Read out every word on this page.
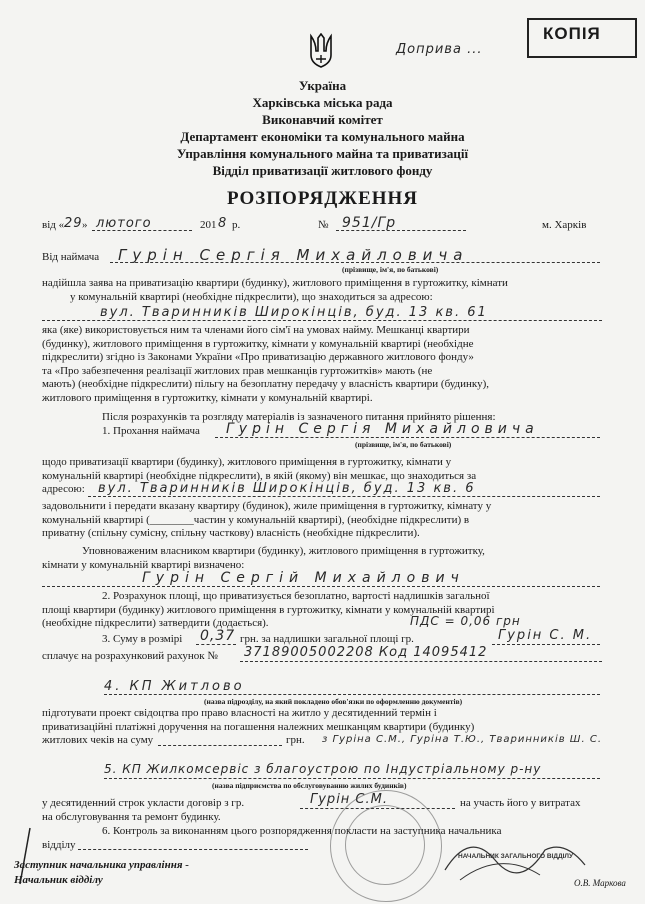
КОПІЯ
Доприва ...
Україна
Харківська міська рада
Виконавчий комітет
Департамент економіки та комунального майна
Управління комунального майна та приватизації
Відділ приватизації житлового фонду
РОЗПОРЯДЖЕННЯ
від « 29 » лютого	201 8 р.	№ 951/Гр	м. Харків
Від наймача Гурін Сергія Михайловича
(прізвище, ім'я, по батькові)
надійшла заява на приватизацію квартири (будинку), житлового приміщення в гуртожитку, кімнати
у комунальній квартирі (необхідне підкреслити), що знаходиться за адресою:
вул. Тваринників Широкінців, буд. 13 кв. 61
яка (яке) використовується ним та членами його сім'ї на умовах найму. Мешканці квартири
(будинку), житлового приміщення в гуртожитку, кімнати у комунальній квартирі (необхідне
підкреслити) згідно із Законами України «Про приватизацію державного житлового фонду»
та «Про забезпечення реалізації житлових прав мешканців гуртожитків» мають (не
мають) (необхідне підкреслити) пільгу на безоплатну передачу у власність квартири (будинку),
житлового приміщення в гуртожитку, кімнати у комунальній квартирі.
Після розрахунків та розгляду матеріалів із зазначеного питання прийнято рішення:
1. Прохання наймача Гурін Сергія Михайловича
(прізвище, ім'я, по батькові)
щодо приватизації квартири (будинку), житлового приміщення в гуртожитку, кімнати у
комунальній квартирі (необхідне підкреслити), в якій (якому) він мешкає, що знаходиться за
адресою:	вул. Тваринників Широкінців, буд. 13 кв. 6
задовольнити і передати вказану квартиру (будинок), жиле приміщення в гуртожитку, кімнату у
комунальній квартирі (________частин у комунальній квартирі), (необхідне підкреслити) в
приватну (спільну сумісну, спільну часткову) власність (необхідне підкреслити).
Уповноваженим власником квартири (будинку), житлового приміщення в гуртожитку,
кімнати у комунальній квартирі визначено:
Гурін Сергій Михайлович
2. Розрахунок площі, що приватизується безоплатно, вартості надлишків загальної
площі квартири (будинку) житлового приміщення в гуртожитку, кімнати у комунальній квартирі
(необхідне підкреслити) затвердити (додається).	ПДС = 0,06 грн
3. Суму в розмірі	0,37 грн. за надлишки загальної площі гр.	Гурін С. М.
сплачує на розрахунковий рахунок № 37189005002208 Код 14095412
4. КП Житлово
(назва підрозділу, на який покладено обов'язки по оформленню документів)
підготувати проект свідоцтва про право власності на житло у десятиденний термін і
приватизаційні платіжні доручення на погашення належних мешканцям квартири (будинку)
житлових чеків на суму	грн. з Гуріна С.М., Гуріна Т.Ю., Тваринників Ш. С.
5. КП Жилкомсервіс з благоустрою по Індустріальному р-ну
(назва підприємства по обслуговуванню жилих будинків)
у десятиденний строк укласти договір з гр.	Гурін С.М.	на участь його у витратах
на обслуговування та ремонт будинку.
6. Контроль за виконанням цього розпорядження покласти на заступника начальника
відділу
Заступник начальника управління -
Начальник відділу
НАЧАЛЬНИК ЗАГАЛЬНОГО ВІДДІЛУ
О.В. Маркова
